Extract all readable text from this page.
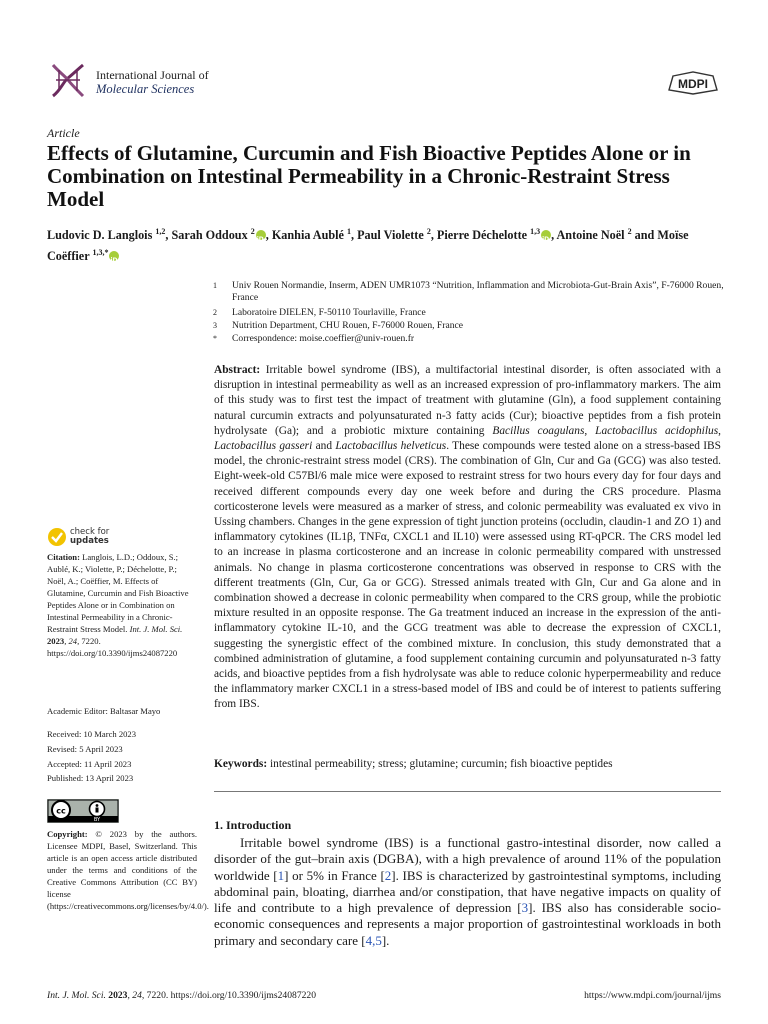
International Journal of
Molecular Sciences	MDPI
Article
Effects of Glutamine, Curcumin and Fish Bioactive Peptides Alone or in Combination on Intestinal Permeability in a Chronic-Restraint Stress Model
Ludovic D. Langlois $^{1,2}$, Sarah Oddoux $^2$ iD , Kanhia Aublé $^1$, Paul Violette $^2$, Pierre Déchelotte $^{1,3}$ iD , Antoine Noël $^2$ and Moïse Coëffier $^{1,3,*}$iD
1 Univ Rouen Normandie, Inserm, ADEN UMR1073 “Nutrition, Inflammation and Microbiota-Gut-Brain Axis”, F-76000 Rouen, France
2 Laboratoire DIELEN, F-50110 Tourlaville, France
3 Nutrition Department, CHU Rouen, F-76000 Rouen, France
* Correspondence: moise.coeffier@univ-rouen.fr
Abstract: Irritable bowel syndrome (IBS), a multifactorial intestinal disorder, is often associated with a disruption in intestinal permeability as well as an increased expression of pro-inflammatory markers. The aim of this study was to first test the impact of treatment with glutamine (Gln), a food supplement containing natural curcumin extracts and polyunsaturated n-3 fatty acids (Cur); bioactive peptides from a fish protein hydrolysate (Ga); and a probiotic mixture containing Bacillus coagulans, Lactobacillus acidophilus, Lactobacillus gasseri and Lactobacillus helveticus. These compounds were tested alone on a stress-based IBS model, the chronic-restraint stress model (CRS). The combination of Gln, Cur and Ga (GCG) was also tested. Eight-week-old C57Bl/6 male mice were exposed to restraint stress for two hours every day for four days and received different compounds every day one week before and during the CRS procedure. Plasma corticosterone levels were measured as a marker of stress, and colonic permeability was evaluated ex vivo in Ussing chambers. Changes in the gene expression of tight junction proteins (occludin, claudin-1 and ZO 1) and inflammatory cytokines (IL1β, TNFα, CXCL1 and IL10) were assessed using RT-qPCR. The CRS model led to an increase in plasma corticosterone and an increase in colonic permeability compared with unstressed animals. No change in plasma corticosterone concentrations was observed in response to CRS with the different treatments (Gln, Cur, Ga or GCG). Stressed animals treated with Gln, Cur and Ga alone and in combination showed a decrease in colonic permeability when compared to the CRS group, while the probiotic mixture resulted in an opposite response. The Ga treatment induced an increase in the expression of the anti-inflammatory cytokine IL-10, and the GCG treatment was able to decrease the expression of CXCL1, suggesting the synergistic effect of the combined mixture. In conclusion, this study demonstrated that a combined administration of glutamine, a food supplement containing curcumin and polyunsaturated n-3 fatty acids, and bioactive peptides from a fish hydrolysate was able to reduce colonic hyperpermeability and reduce the inflammatory marker CXCL1 in a stress-based model of IBS and could be of interest to patients suffering from IBS.
Keywords: intestinal permeability; stress; glutamine; curcumin; fish bioactive peptides
1. Introduction
  Irritable bowel syndrome (IBS) is a functional gastro-intestinal disorder, now called a disorder of the gut–brain axis (DGBA), with a high prevalence of around 11% of the population worldwide [1] or 5% in France [2]. IBS is characterized by gastrointestinal symptoms, including abdominal pain, bloating, diarrhea and/or constipation, that have negative impacts on quality of life and contribute to a high prevalence of depression [3]. IBS also has considerable socio-economic consequences and represents a major proportion of gastrointestinal workloads in both primary and secondary care [4,5].
check for
updates
Citation: Langlois, L.D.; Oddoux, S.; Aublé, K.; Violette, P.; Déchelotte, P.; Noël, A.; Coëffier, M. Effects of Glutamine, Curcumin and Fish Bioactive Peptides Alone or in Combination on Intestinal Permeability in a Chronic-Restraint Stress Model. Int. J. Mol. Sci. 2023, 24, 7220. https://doi.org/10.3390/ijms24087220
Academic Editor: Baltasar Mayo
Received: 10 March 2023
Revised: 5 April 2023
Accepted: 11 April 2023
Published: 13 April 2023
cc
BY
Copyright: © 2023 by the authors. Licensee MDPI, Basel, Switzerland. This article is an open access article distributed under the terms and conditions of the Creative Commons Attribution (CC BY) license (https://creativecommons.org/licenses/by/4.0/).
Int. J. Mol. Sci. 2023, 24, 7220. https://doi.org/10.3390/ijms24087220	https://www.mdpi.com/journal/ijms
